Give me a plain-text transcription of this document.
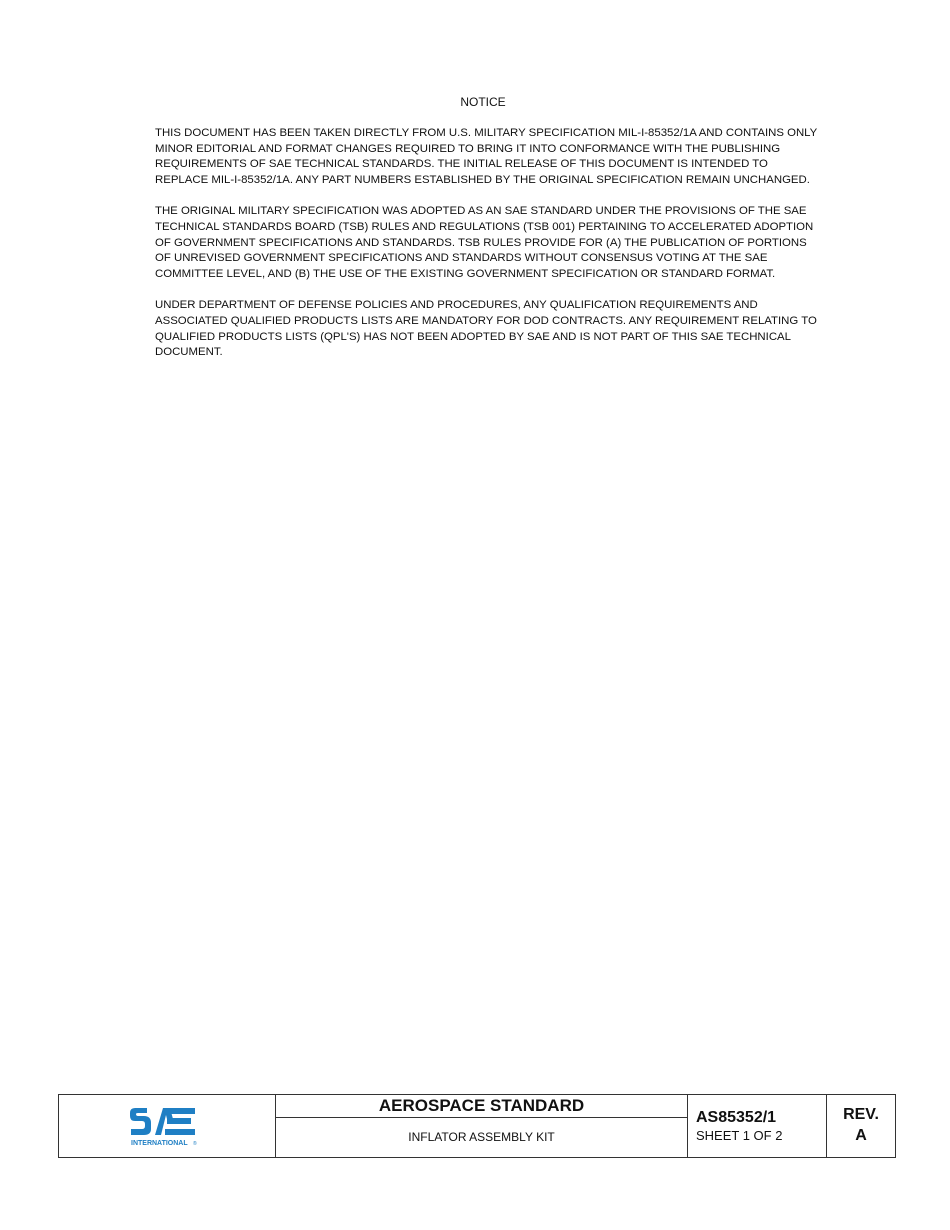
NOTICE

THIS DOCUMENT HAS BEEN TAKEN DIRECTLY FROM U.S. MILITARY SPECIFICATION MIL-I-85352/1A AND CONTAINS ONLY MINOR EDITORIAL AND FORMAT CHANGES REQUIRED TO BRING IT INTO CONFORMANCE WITH THE PUBLISHING REQUIREMENTS OF SAE TECHNICAL STANDARDS. THE INITIAL RELEASE OF THIS DOCUMENT IS INTENDED TO REPLACE MIL-I-85352/1A. ANY PART NUMBERS ESTABLISHED BY THE ORIGINAL SPECIFICATION REMAIN UNCHANGED.

THE ORIGINAL MILITARY SPECIFICATION WAS ADOPTED AS AN SAE STANDARD UNDER THE PROVISIONS OF THE SAE TECHNICAL STANDARDS BOARD (TSB) RULES AND REGULATIONS (TSB 001) PERTAINING TO ACCELERATED ADOPTION OF GOVERNMENT SPECIFICATIONS AND STANDARDS. TSB RULES PROVIDE FOR (A) THE PUBLICATION OF PORTIONS OF UNREVISED GOVERNMENT SPECIFICATIONS AND STANDARDS WITHOUT CONSENSUS VOTING AT THE SAE COMMITTEE LEVEL, AND (B) THE USE OF THE EXISTING GOVERNMENT SPECIFICATION OR STANDARD FORMAT.

UNDER DEPARTMENT OF DEFENSE POLICIES AND PROCEDURES, ANY QUALIFICATION REQUIREMENTS AND ASSOCIATED QUALIFIED PRODUCTS LISTS ARE MANDATORY FOR DOD CONTRACTS. ANY REQUIREMENT RELATING TO QUALIFIED PRODUCTS LISTS (QPL'S) HAS NOT BEEN ADOPTED BY SAE AND IS NOT PART OF THIS SAE TECHNICAL DOCUMENT.

INTERNATIONAL ®
AEROSPACE STANDARD
INFLATOR ASSEMBLY KIT
AS85352/1
SHEET 1 OF 2
REV.
A
